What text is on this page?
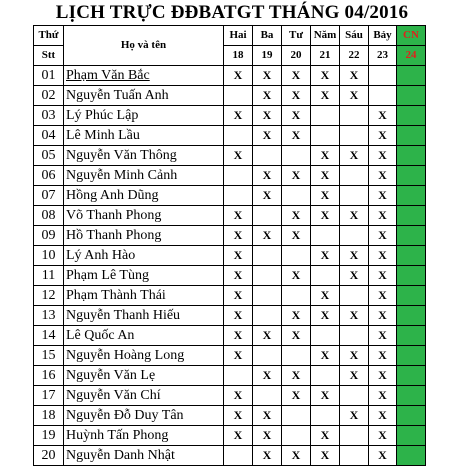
LỊCH TRỰC ĐĐBATGT THÁNG 04/2016
Thứ	Họ và tên	Hai	Ba	Tư	Năm	Sáu	Bảy	CN
Stt		18	19	20	21	22	23	24
01	Phạm Văn Bắc	X	X	X	X	X		
02	Nguyễn Tuấn Anh		X	X	X	X		
03	Lý Phúc Lập	X	X	X			X	
04	Lê Minh Lầu		X	X			X	
05	Nguyễn Văn Thông	X			X	X	X	
06	Nguyễn Minh Cảnh		X	X	X		X	
07	Hồng Anh Dũng		X		X		X	
08	Võ Thanh Phong	X		X	X	X	X	
09	Hồ Thanh Phong	X	X	X			X	
10	Lý Anh Hào	X			X	X	X	
11	Phạm Lê Tùng	X		X		X	X	
12	Phạm Thành Thái	X			X		X	
13	Nguyễn Thanh Hiếu	X		X	X	X	X	
14	Lê Quốc An	X	X	X			X	
15	Nguyễn Hoàng Long	X			X	X	X	
16	Nguyễn Văn Lẹ		X	X		X	X	
17	Nguyễn Văn Chí	X		X	X		X	
18	Nguyễn Đỗ Duy Tân	X	X			X	X	
19	Huỳnh Tấn Phong	X	X		X		X	
20	Nguyễn Danh Nhật		X	X	X		X	
